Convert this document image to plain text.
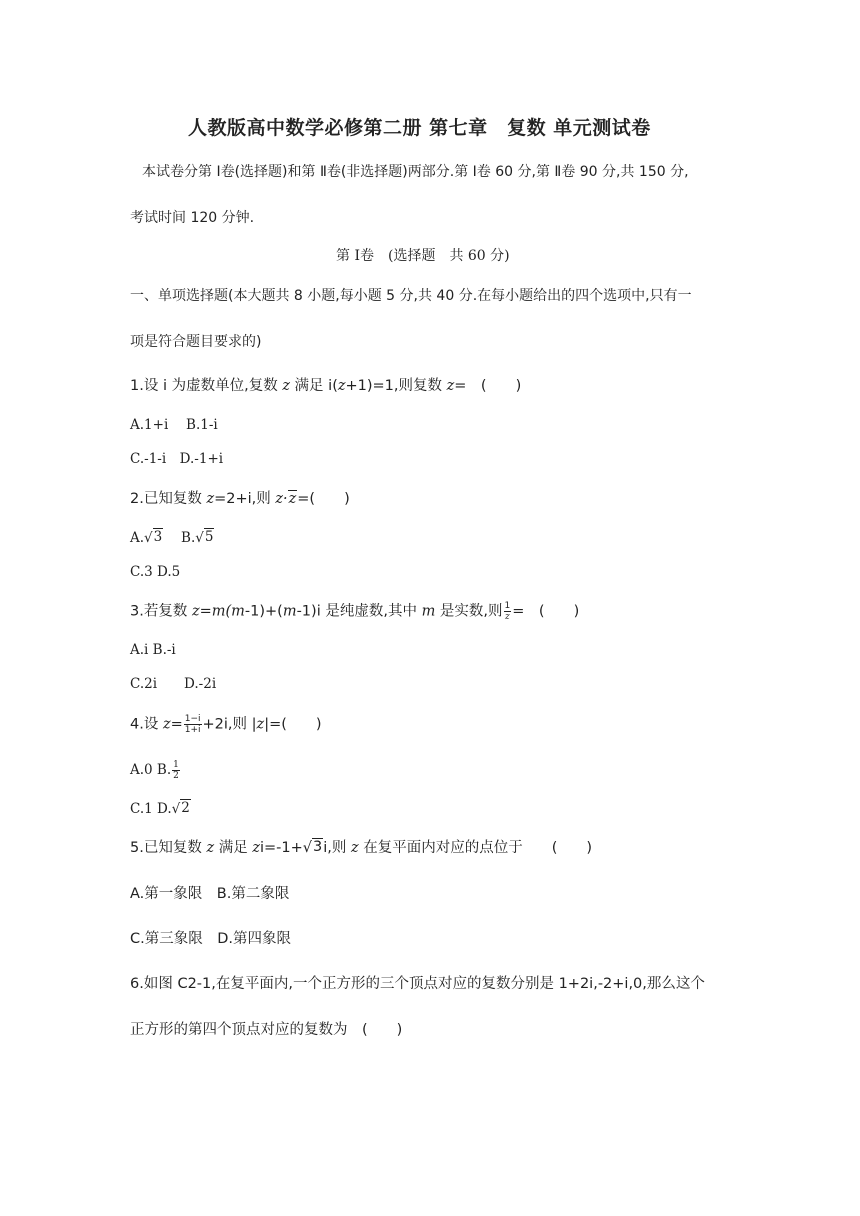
人教版高中数学必修第二册 第七章　复数 单元测试卷
本试卷分第 Ⅰ卷(选择题)和第 Ⅱ卷(非选择题)两部分.第 Ⅰ卷 60 分,第 Ⅱ卷 90 分,共 150 分,
考试时间 120 分钟.
第 Ⅰ卷　(选择题　共 60 分)
一、单项选择题(本大题共 8 小题,每小题 5 分,共 40 分.在每小题给出的四个选项中,只有一
项是符合题目要求的)
1.设 i 为虚数单位,复数 z 满足 i(z+1)=1,则复数 z=　(　　)
A.1+i　 B.1-i
C.-1-i　D.-1+i
2.已知复数 z=2+i,则 z·z=(　　)
A.√ 3
　 B.√ 5
C.3 D.5
3.若复数 z=m(m-1)+(m-1)i 是纯虚数,其中 m 是实数,则 $\frac{1}{z}$ =　(　　)
A.i B.-i
C.2i　　D.-2i
4.设 $z= \frac{1-i}{1+i} +2i$,则 |z|=(　　)
A.0 B. $\frac{1}{2}$
C.1 D.√ 2
5.已知复数 z 满足 zi=-1+√ 3 i,则 z 在复平面内对应的点位于　　(　　)
A.第一象限　B.第二象限
C.第三象限　D.第四象限
6.如图 C2-1,在复平面内,一个正方形的三个顶点对应的复数分别是 1+2i,-2+i,0,那么这个
正方形的第四个顶点对应的复数为　(　　)
